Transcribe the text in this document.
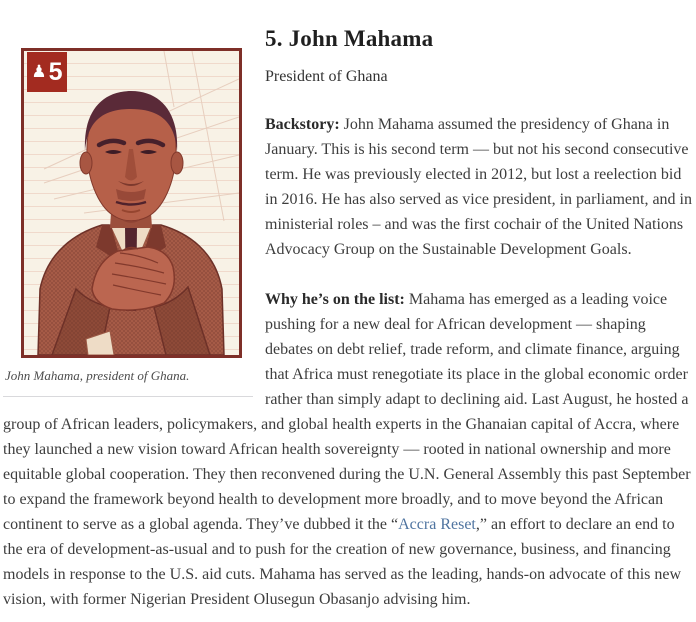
♟ 5
John Mahama, president of Ghana.
5. John Mahama

President of Ghana

Backstory: John Mahama assumed the presidency of Ghana in January. This is his second term — but not his second consecutive term. He was previously elected in 2012, but lost a reelection bid in 2016. He has also served as vice president, in parliament, and in ministerial roles – and was the first cochair of the United Nations Advocacy Group on the Sustainable Development Goals.

Why he’s on the list: Mahama has emerged as a leading voice pushing for a new deal for African development — shaping debates on debt relief, trade reform, and climate finance, arguing that Africa must renegotiate its place in the global economic order rather than simply adapt to declining aid. Last August, he hosted a group of African leaders, policymakers, and global health experts in the Ghanaian capital of Accra, where they launched a new vision toward African health sovereignty — rooted in national ownership and more equitable global cooperation. They then reconvened during the U.N. General Assembly this past September to expand the framework beyond health to development more broadly, and to move beyond the African continent to serve as a global agenda. They’ve dubbed it the “Accra Reset,” an effort to declare an end to the era of development-as-usual and to push for the creation of new governance, business, and financing models in response to the U.S. aid cuts. Mahama has served as the leading, hands-on advocate of this new vision, with former Nigerian President Olusegun Obasanjo advising him.
